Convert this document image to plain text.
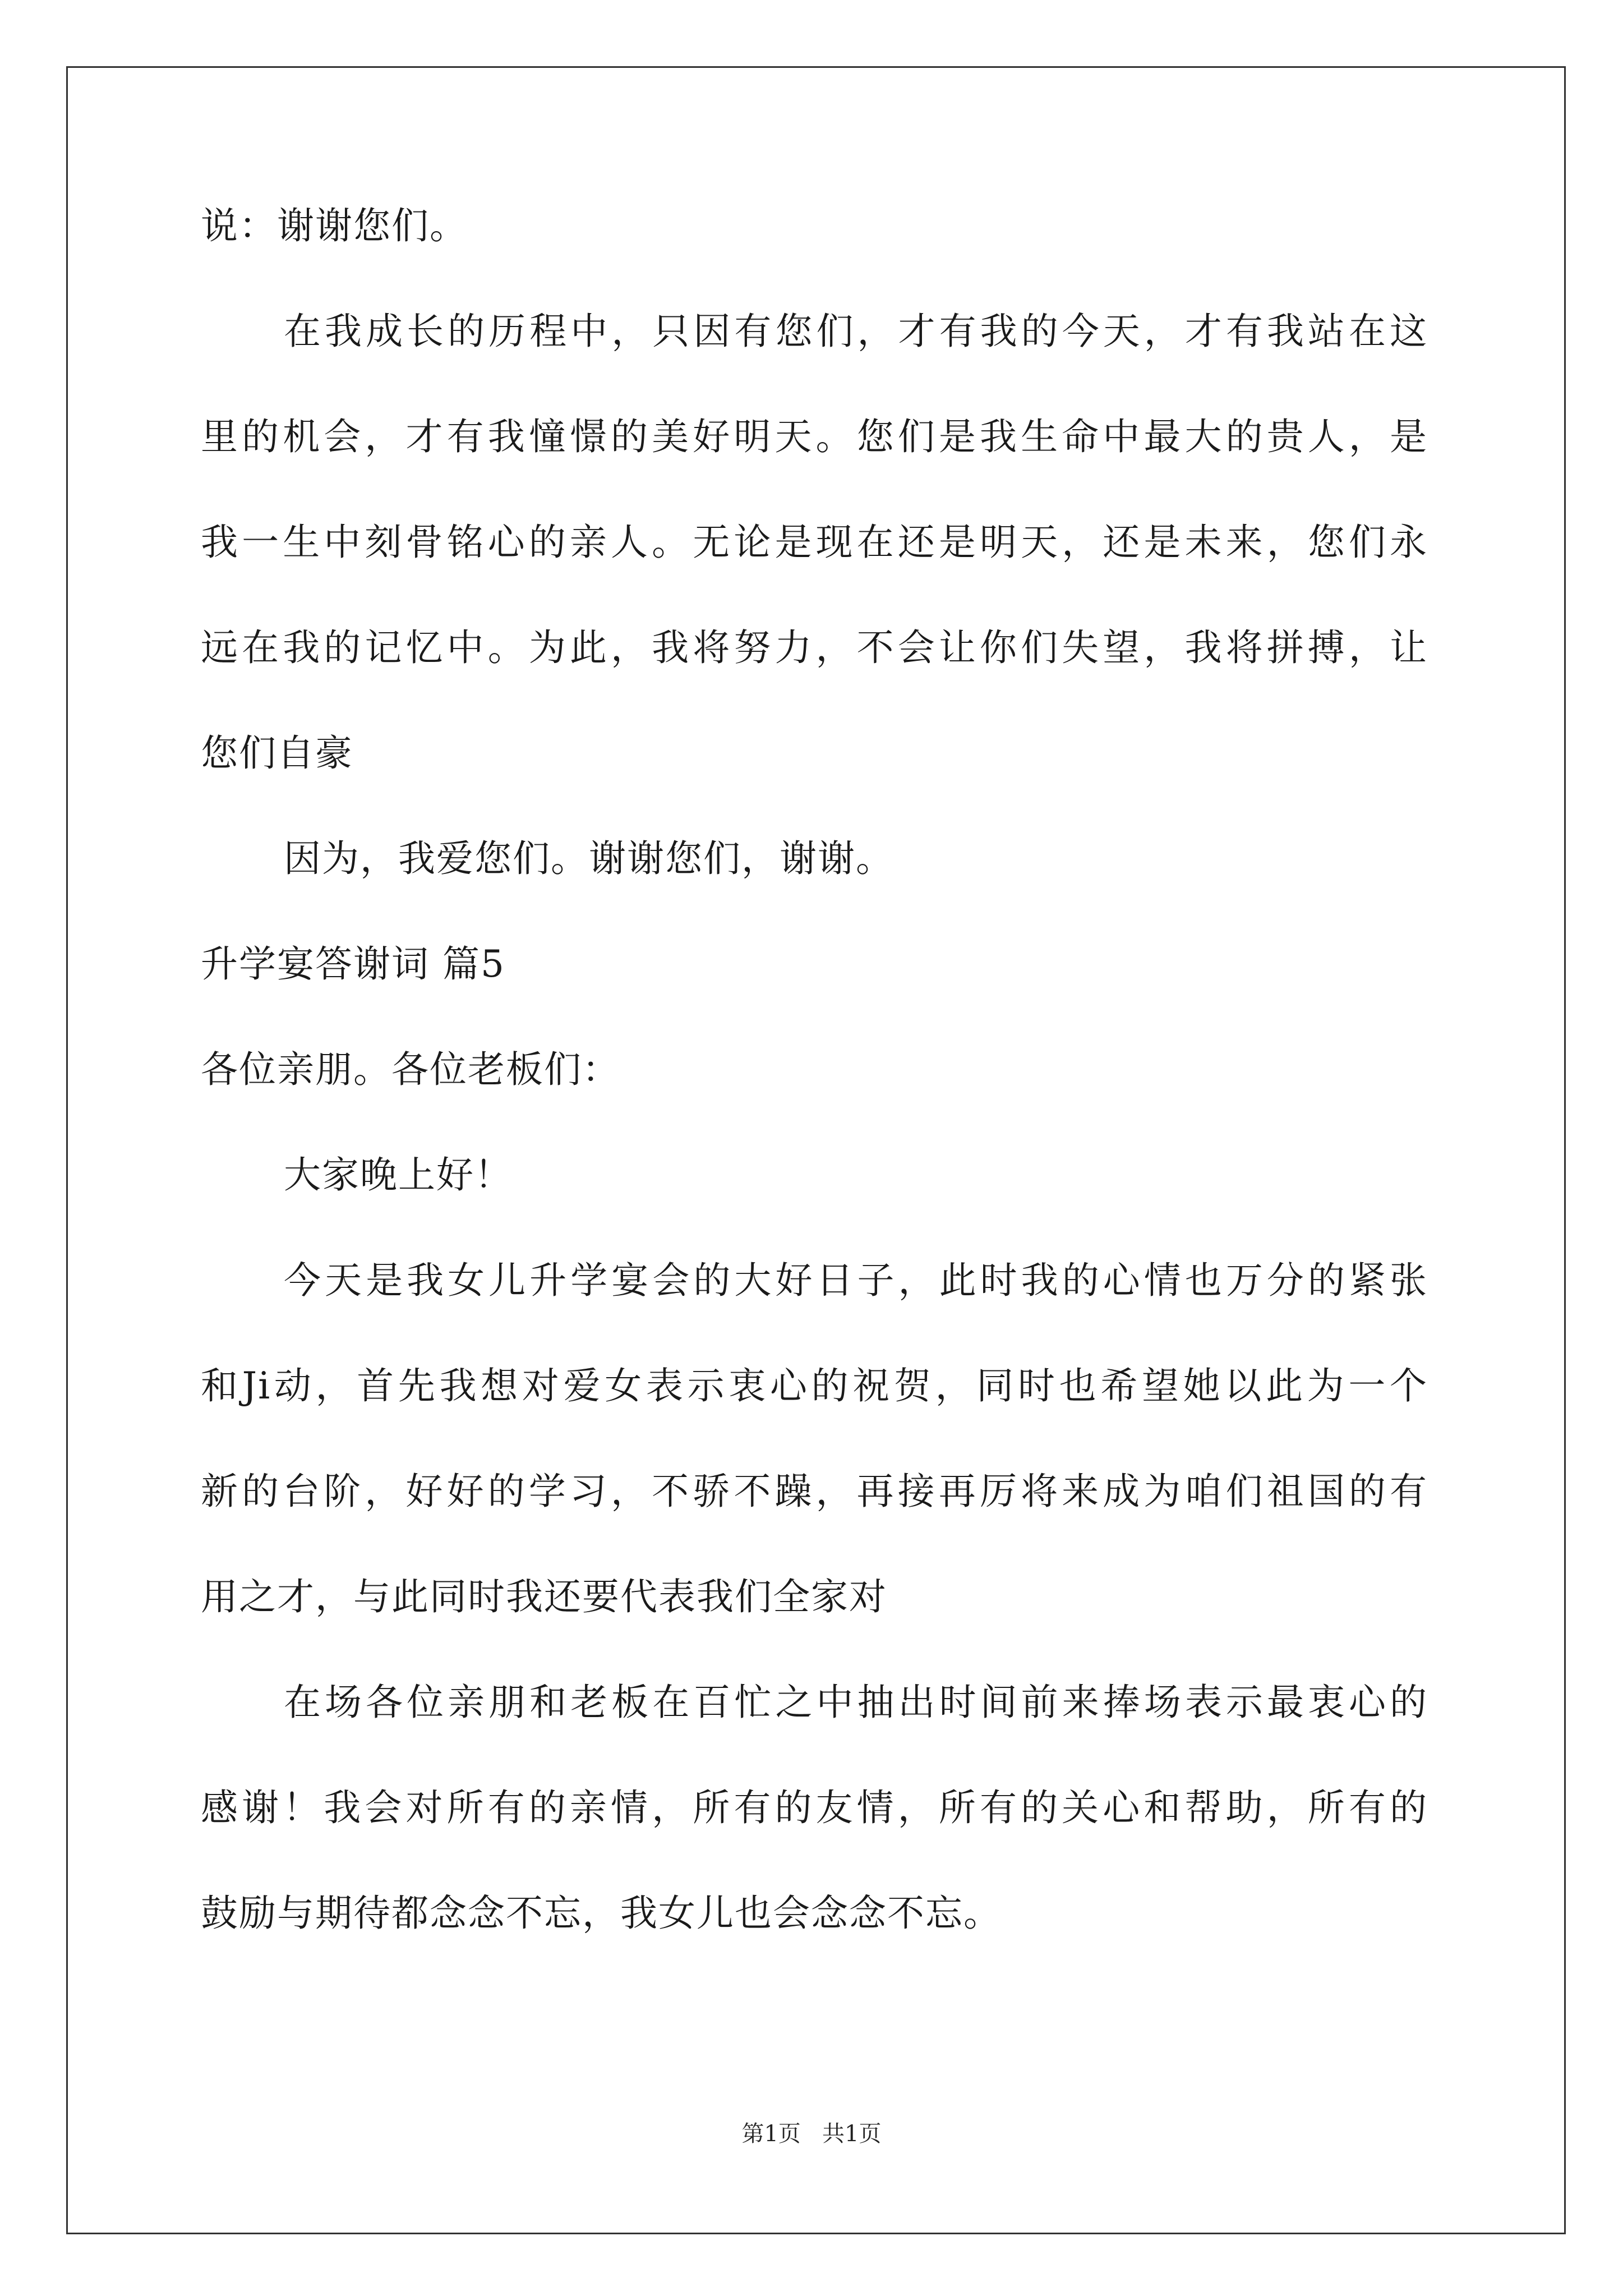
说：谢谢您们。
在我成长的历程中，只因有您们，才有我的今天，才有我站在这
里的机会，才有我憧憬的美好明天。您们是我生命中最大的贵人，是
我一生中刻骨铭心的亲人。无论是现在还是明天，还是未来，您们永
远在我的记忆中。为此，我将努力，不会让你们失望，我将拼搏，让
您们自豪
因为，我爱您们。谢谢您们，谢谢。
升学宴答谢词 篇5
各位亲朋。各位老板们：
大家晚上好！
今天是我女儿升学宴会的大好日子，此时我的心情也万分的紧张
和Ji动，首先我想对爱女表示衷心的祝贺，同时也希望她以此为一个
新的台阶，好好的学习，不骄不躁，再接再厉将来成为咱们祖国的有
用之才，与此同时我还要代表我们全家对
在场各位亲朋和老板在百忙之中抽出时间前来捧场表示最衷心的
感谢！我会对所有的亲情，所有的友情，所有的关心和帮助，所有的
鼓励与期待都念念不忘，我女儿也会念念不忘。
第1页   共1页
